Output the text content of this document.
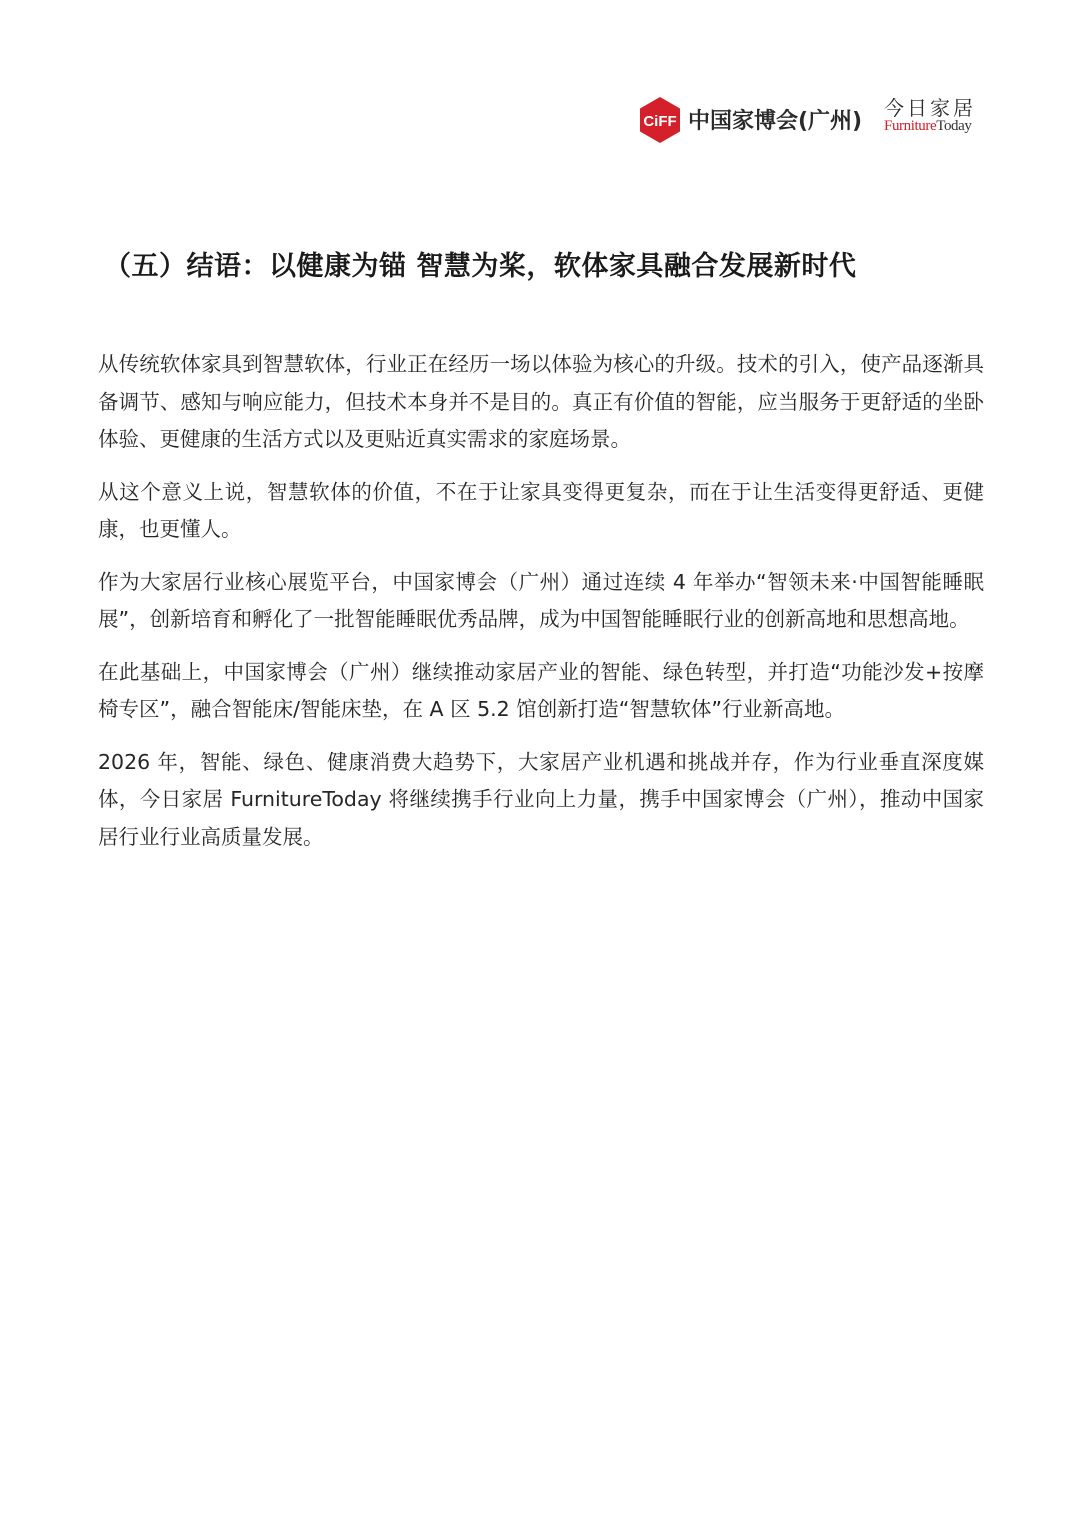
CiFF 中国家博会(广州)
今日家居
FurnitureToday
（五）结语：以健康为锚 智慧为桨，软体家具融合发展新时代

从传统软体家具到智慧软体，行业正在经历一场以体验为核心的升级。技术的引入，使产品逐渐具备调节、感知与响应能力，但技术本身并不是目的。真正有价值的智能，应当服务于更舒适的坐卧体验、更健康的生活方式以及更贴近真实需求的家庭场景。

从这个意义上说，智慧软体的价值，不在于让家具变得更复杂，而在于让生活变得更舒适、更健康，也更懂人。

作为大家居行业核心展览平台，中国家博会（广州）通过连续 4 年举办“智领未来·中国智能睡眠展”，创新培育和孵化了一批智能睡眠优秀品牌，成为中国智能睡眠行业的创新高地和思想高地。

在此基础上，中国家博会（广州）继续推动家居产业的智能、绿色转型，并打造“功能沙发+按摩椅专区”，融合智能床/智能床垫，在 A 区 5.2 馆创新打造“智慧软体”行业新高地。

2026 年，智能、绿色、健康消费大趋势下，大家居产业机遇和挑战并存，作为行业垂直深度媒体，今日家居 FurnitureToday 将继续携手行业向上力量，携手中国家博会（广州），推动中国家居行业行业高质量发展。
